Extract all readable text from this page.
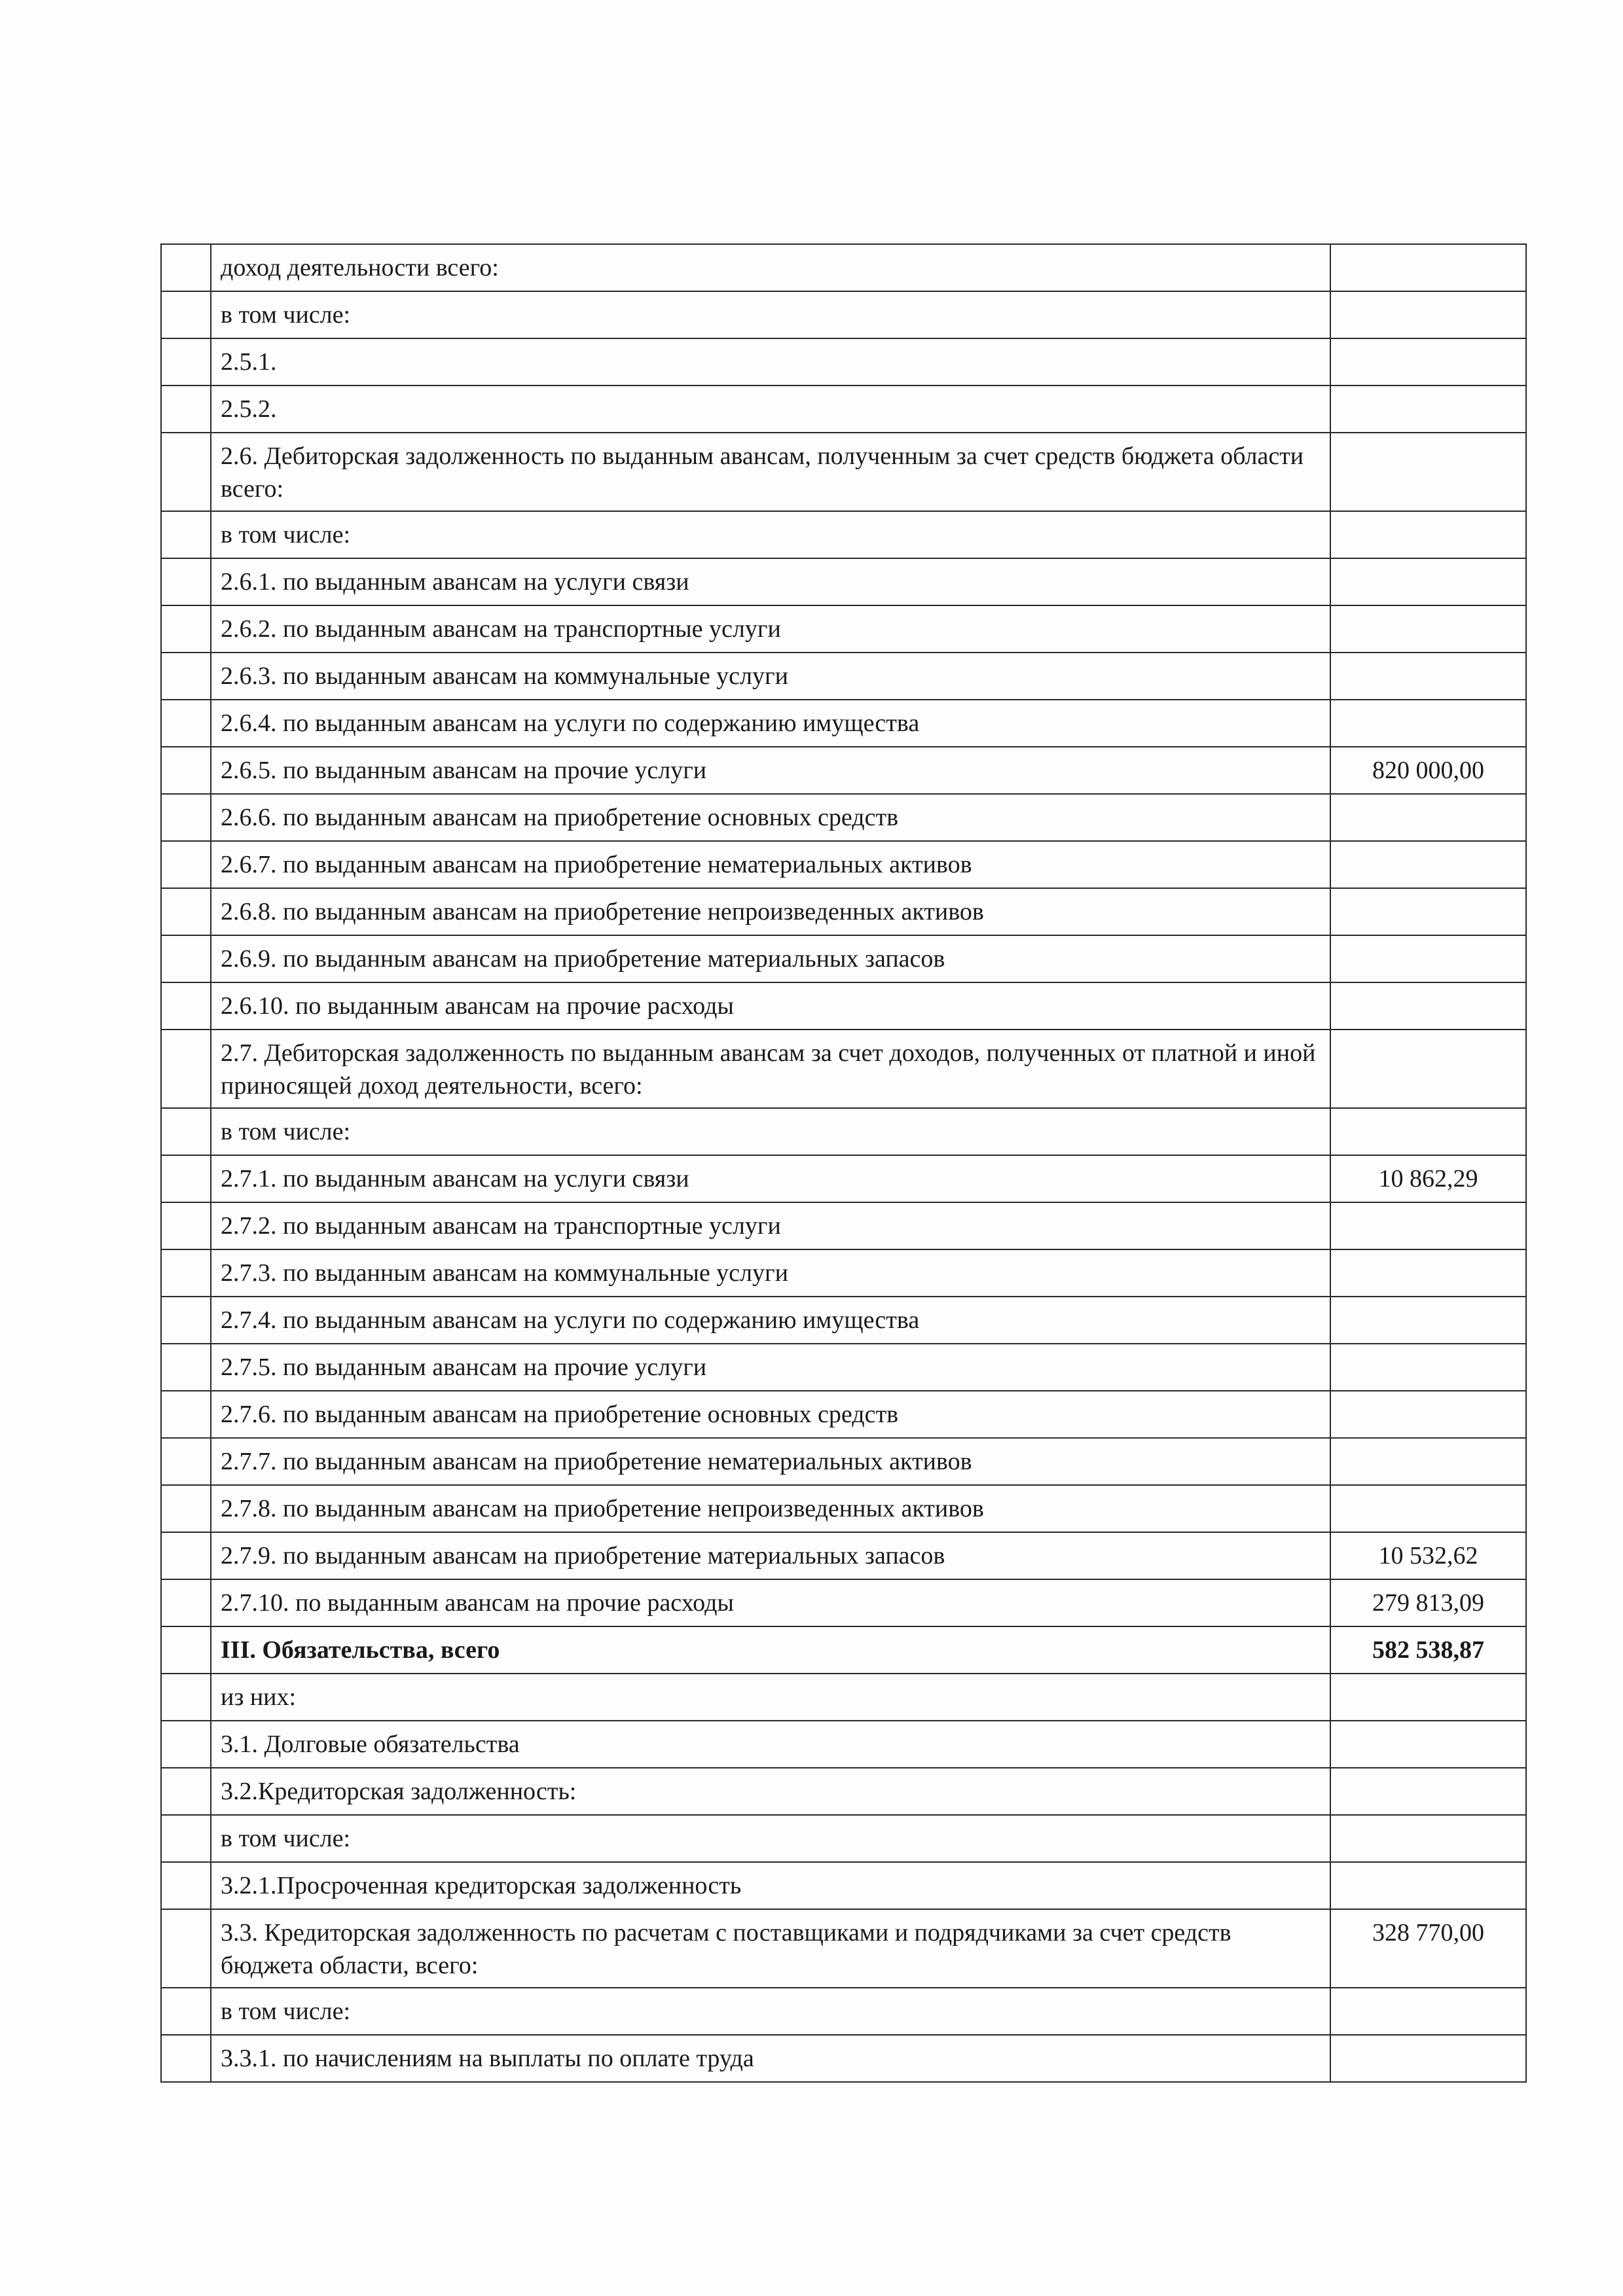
	доход деятельности всего:	
	в том числе:	
	2.5.1.	
	2.5.2.	
	2.6. Дебиторская задолженность по выданным авансам, полученным за счет средств бюджета области всего:	
	в том числе:	
	2.6.1. по выданным авансам на услуги связи	
	2.6.2. по выданным авансам на транспортные услуги	
	2.6.3. по выданным авансам на коммунальные услуги	
	2.6.4. по выданным авансам на услуги по содержанию имущества	
	2.6.5. по выданным авансам на прочие услуги	820 000,00
	2.6.6. по выданным авансам на приобретение основных средств	
	2.6.7. по выданным авансам на приобретение нематериальных активов	
	2.6.8. по выданным авансам на приобретение непроизведенных активов	
	2.6.9. по выданным авансам на приобретение материальных запасов	
	2.6.10. по выданным авансам на прочие расходы	
	2.7. Дебиторская задолженность по выданным авансам за счет доходов, полученных от платной и иной приносящей доход деятельности, всего:	
	в том числе:	
	2.7.1. по выданным авансам на услуги связи	10 862,29
	2.7.2. по выданным авансам на транспортные услуги	
	2.7.3. по выданным авансам на коммунальные услуги	
	2.7.4. по выданным авансам на услуги по содержанию имущества	
	2.7.5. по выданным авансам на прочие услуги	
	2.7.6. по выданным авансам на приобретение основных средств	
	2.7.7. по выданным авансам на приобретение нематериальных активов	
	2.7.8. по выданным авансам на приобретение непроизведенных активов	
	2.7.9. по выданным авансам на приобретение материальных запасов	10 532,62
	2.7.10. по выданным авансам на прочие расходы	279 813,09
	III. Обязательства, всего	582 538,87
	из них:	
	3.1. Долговые обязательства	
	3.2.Кредиторская задолженность:	
	в том числе:	
	3.2.1.Просроченная кредиторская задолженность	
	3.3. Кредиторская задолженность по расчетам с поставщиками и подрядчиками за счет средств бюджета области, всего:	328 770,00
	в том числе:	
	3.3.1. по начислениям на выплаты по оплате труда	
